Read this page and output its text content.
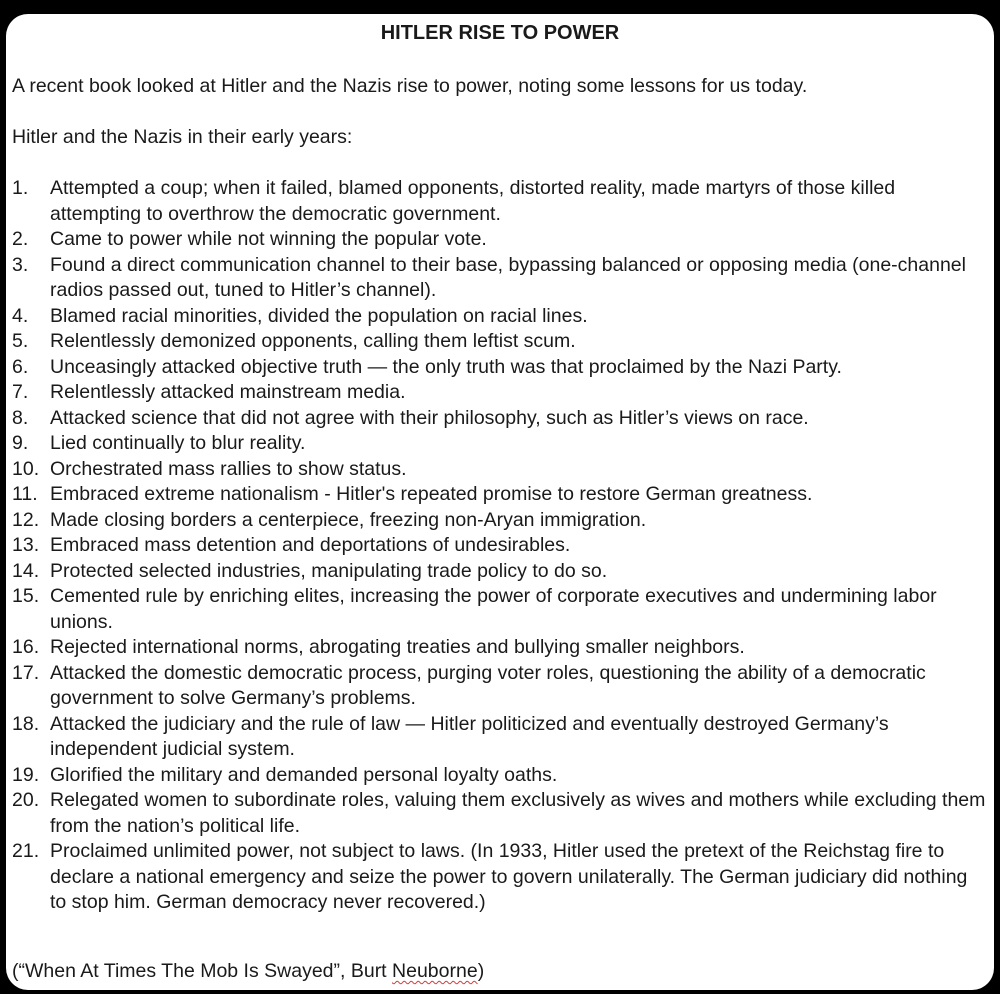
HITLER RISE TO POWER
A recent book looked at Hitler and the Nazis rise to power, noting some lessons for us today.
Hitler and the Nazis in their early years:
1.	Attempted a coup; when it failed, blamed opponents, distorted reality, made martyrs of those killed attempting to overthrow the democratic government.
2.	Came to power while not winning the popular vote.
3.	Found a direct communication channel to their base, bypassing balanced or opposing media (one-channel radios passed out, tuned to Hitler’s channel).
4.	Blamed racial minorities, divided the population on racial lines.
5.	Relentlessly demonized opponents, calling them leftist scum.
6.	Unceasingly attacked objective truth — the only truth was that proclaimed by the Nazi Party.
7.	Relentlessly attacked mainstream media.
8.	Attacked science that did not agree with their philosophy, such as Hitler’s views on race.
9.	Lied continually to blur reality.
10. Orchestrated mass rallies to show status.
11. Embraced extreme nationalism - Hitler's repeated promise to restore German greatness.
12. Made closing borders a centerpiece, freezing non-Aryan immigration.
13. Embraced mass detention and deportations of undesirables.
14. Protected selected industries, manipulating trade policy to do so.
15. Cemented rule by enriching elites, increasing the power of corporate executives and undermining labor unions.
16. Rejected international norms, abrogating treaties and bullying smaller neighbors.
17. Attacked the domestic democratic process, purging voter roles, questioning the ability of a democratic government to solve Germany’s problems.
18. Attacked the judiciary and the rule of law — Hitler politicized and eventually destroyed Germany’s independent judicial system.
19. Glorified the military and demanded personal loyalty oaths.
20. Relegated women to subordinate roles, valuing them exclusively as wives and mothers while excluding them from the nation’s political life.
21. Proclaimed unlimited power, not subject to laws. (In 1933, Hitler used the pretext of the Reichstag fire to declare a national emergency and seize the power to govern unilaterally. The German judiciary did nothing to stop him. German democracy never recovered.)
(“When At Times The Mob Is Swayed”, Burt Neuborne)
